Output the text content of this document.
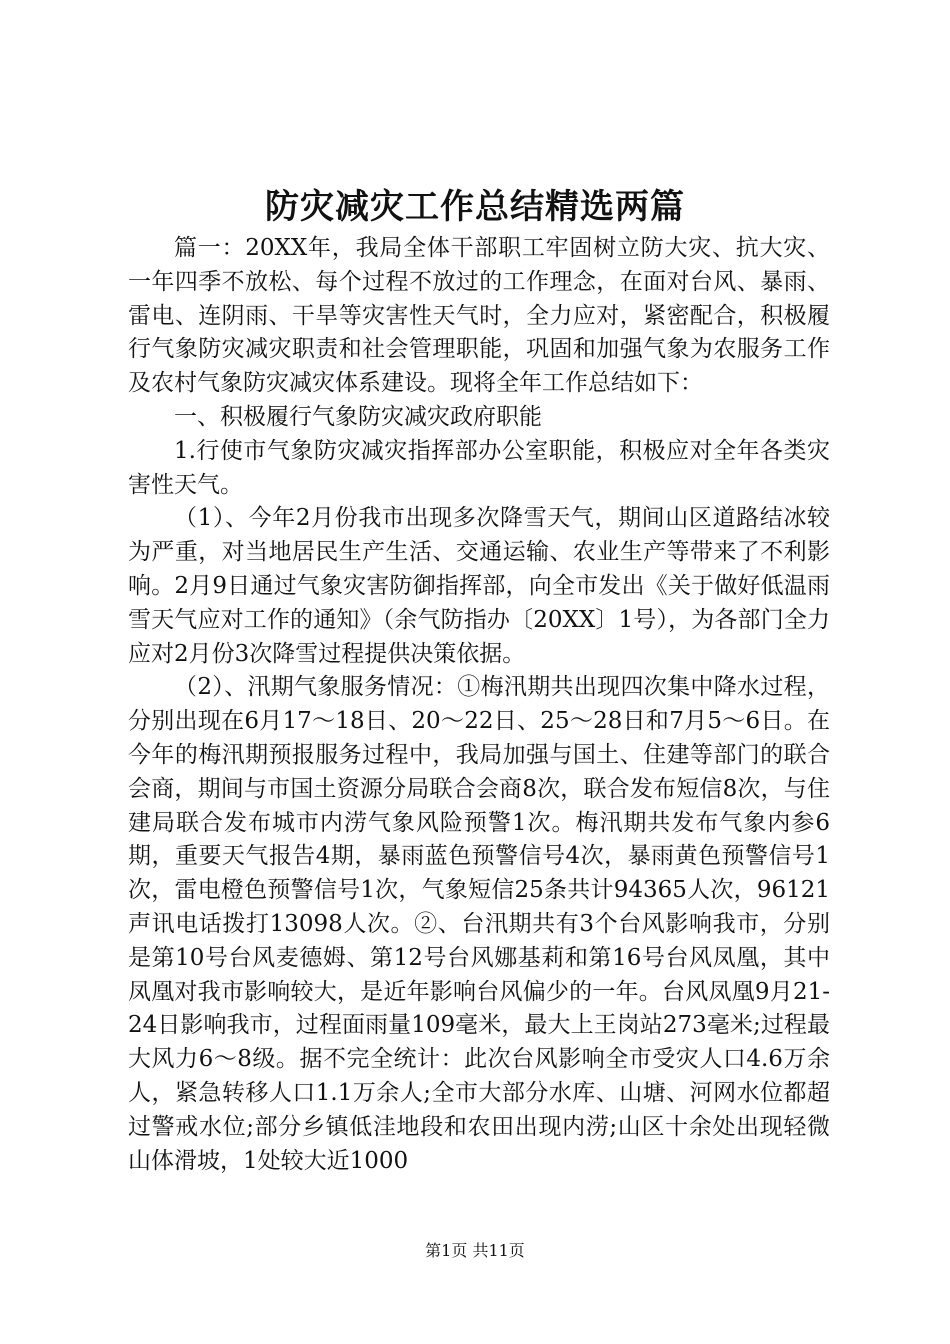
防灾减灾工作总结精选两篇

篇一：20XX年，我局全体干部职工牢固树立防大灾、抗大灾、一年四季不放松、每个过程不放过的工作理念，在面对台风、暴雨、雷电、连阴雨、干旱等灾害性天气时，全力应对，紧密配合，积极履行气象防灾减灾职责和社会管理职能，巩固和加强气象为农服务工作及农村气象防灾减灾体系建设。现将全年工作总结如下：

一、积极履行气象防灾减灾政府职能

1.行使市气象防灾减灾指挥部办公室职能，积极应对全年各类灾害性天气。

（1）、今年2月份我市出现多次降雪天气，期间山区道路结冰较为严重，对当地居民生产生活、交通运输、农业生产等带来了不利影响。2月9日通过气象灾害防御指挥部，向全市发出《关于做好低温雨雪天气应对工作的通知》（余气防指办〔20XX〕1号），为各部门全力应对2月份3次降雪过程提供决策依据。

（2）、汛期气象服务情况：①梅汛期共出现四次集中降水过程，分别出现在6月17～18日、20～22日、25～28日和7月5～6日。在今年的梅汛期预报服务过程中，我局加强与国土、住建等部门的联合会商，期间与市国土资源分局联合会商8次，联合发布短信8次，与住建局联合发布城市内涝气象风险预警1次。梅汛期共发布气象内参6期，重要天气报告4期，暴雨蓝色预警信号4次，暴雨黄色预警信号1次，雷电橙色预警信号1次，气象短信25条共计94365人次，96121声讯电话拨打13098人次。②、台汛期共有3个台风影响我市，分别是第10号台风麦德姆、第12号台风娜基莉和第16号台风凤凰，其中凤凰对我市影响较大，是近年影响台风偏少的一年。台风凤凰9月21-24日影响我市，过程面雨量109毫米，最大上王岗站273毫米;过程最大风力6～8级。据不完全统计：此次台风影响全市受灾人口4.6万余人，紧急转移人口1.1万余人;全市大部分水库、山塘、河网水位都超过警戒水位;部分乡镇低洼地段和农田出现内涝;山区十余处出现轻微山体滑坡，1处较大近1000

第1页 共11页
